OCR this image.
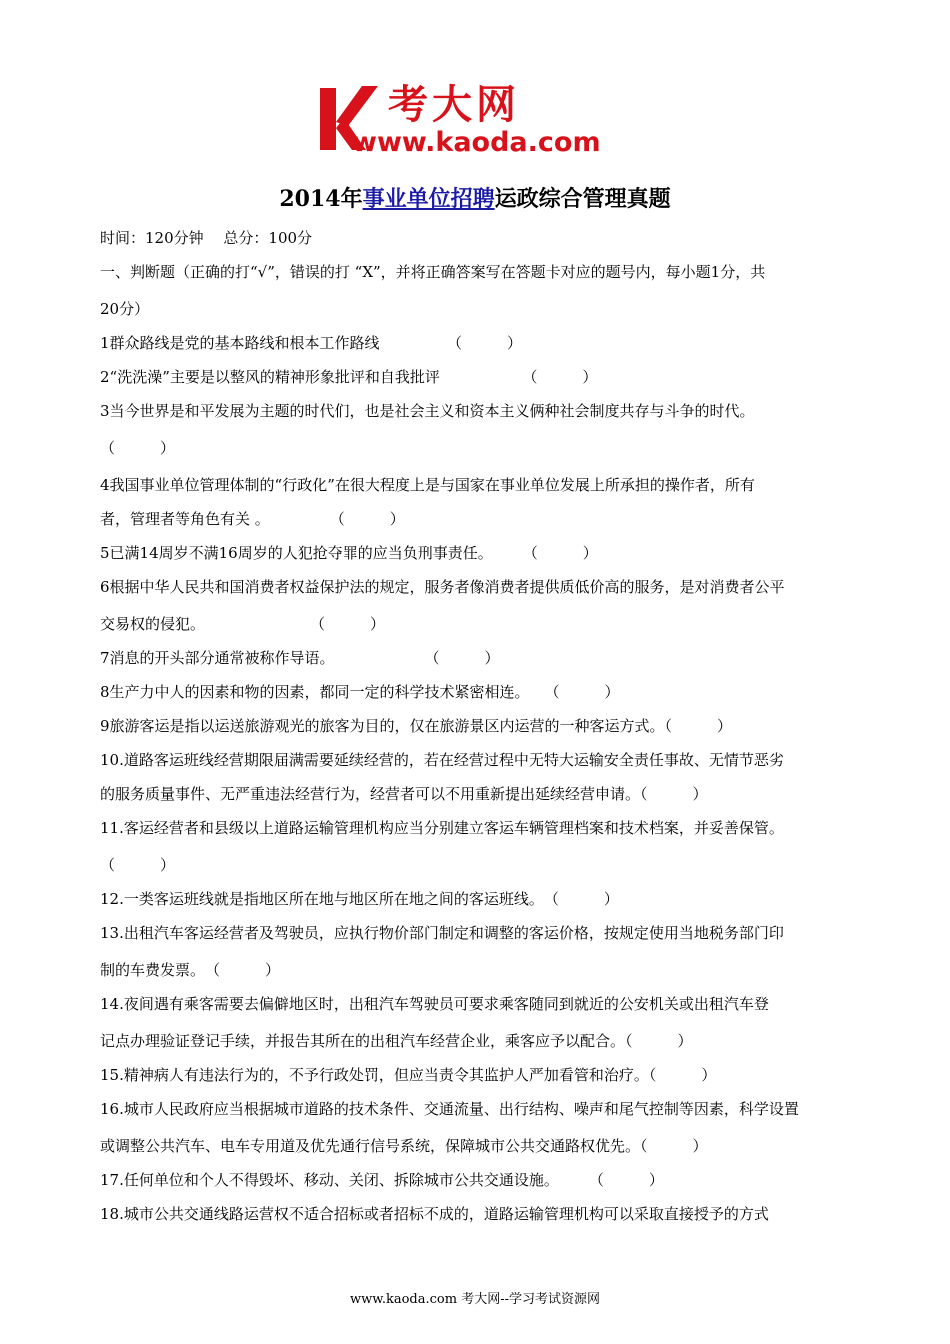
考大网
www.kaoda.com
2014年事业单位招聘运政综合管理真题
时间：120分钟　 总分：100分
一、判断题（正确的打“√”，错误的打 “X”，并将正确答案写在答题卡对应的题号内，每小题1分，共
20分）
1群众路线是党的基本路线和根本工作路线　　　　　（　　　）
2“洗洗澡”主要是以整风的精神形象批评和自我批评　　　　　　（　　　）
3当今世界是和平发展为主题的时代们，也是社会主义和资本主义俩种社会制度共存与斗争的时代。
（　　　）
4我国事业单位管理体制的“行政化”在很大程度上是与国家在事业单位发展上所承担的操作者，所有
者，管理者等角色有关 。　　　　　（　　　）
5已满14周岁不满16周岁的人犯抢夺罪的应当负刑事责任。　　　（　　　）
6根据中华人民共和国消费者权益保护法的规定，服务者像消费者提供质低价高的服务，是对消费者公平
交易权的侵犯。　　　　　　　　（　　　）
7消息的开头部分通常被称作导语。　　　　　　　（　　　）
8生产力中人的因素和物的因素，都同一定的科学技术紧密相连。　　（　　　）
9旅游客运是指以运送旅游观光的旅客为目的，仅在旅游景区内运营的一种客运方式。（　　　）
10.道路客运班线经营期限届满需要延续经营的，若在经营过程中无特大运输安全责任事故、无情节恶劣
的服务质量事件、无严重违法经营行为，经营者可以不用重新提出延续经营申请。（　　　）
11.客运经营者和县级以上道路运输管理机构应当分别建立客运车辆管理档案和技术档案，并妥善保管。
（　　　）
12.一类客运班线就是指地区所在地与地区所在地之间的客运班线。　（　　　）
13.出租汽车客运经营者及驾驶员，应执行物价部门制定和调整的客运价格，按规定使用当地税务部门印
制的车费发票。　（　　　）
14.夜间遇有乘客需要去偏僻地区时，出租汽车驾驶员可要求乘客随同到就近的公安机关或出租汽车登
记点办理验证登记手续，并报告其所在的出租汽车经营企业，乘客应予以配合。（　　　）
15.精神病人有违法行为的，不予行政处罚，但应当责令其监护人严加看管和治疗。（　　　）
16.城市人民政府应当根据城市道路的技术条件、交通流量、出行结构、噪声和尾气控制等因素，科学设置
或调整公共汽车、电车专用道及优先通行信号系统，保障城市公共交通路权优先。（　　　）
17.任何单位和个人不得毁坏、移动、关闭、拆除城市公共交通设施。　　　（　　　）
18.城市公共交通线路运营权不适合招标或者招标不成的，道路运输管理机构可以采取直接授予的方式
www.kaoda.com 考大网--学习考试资源网
